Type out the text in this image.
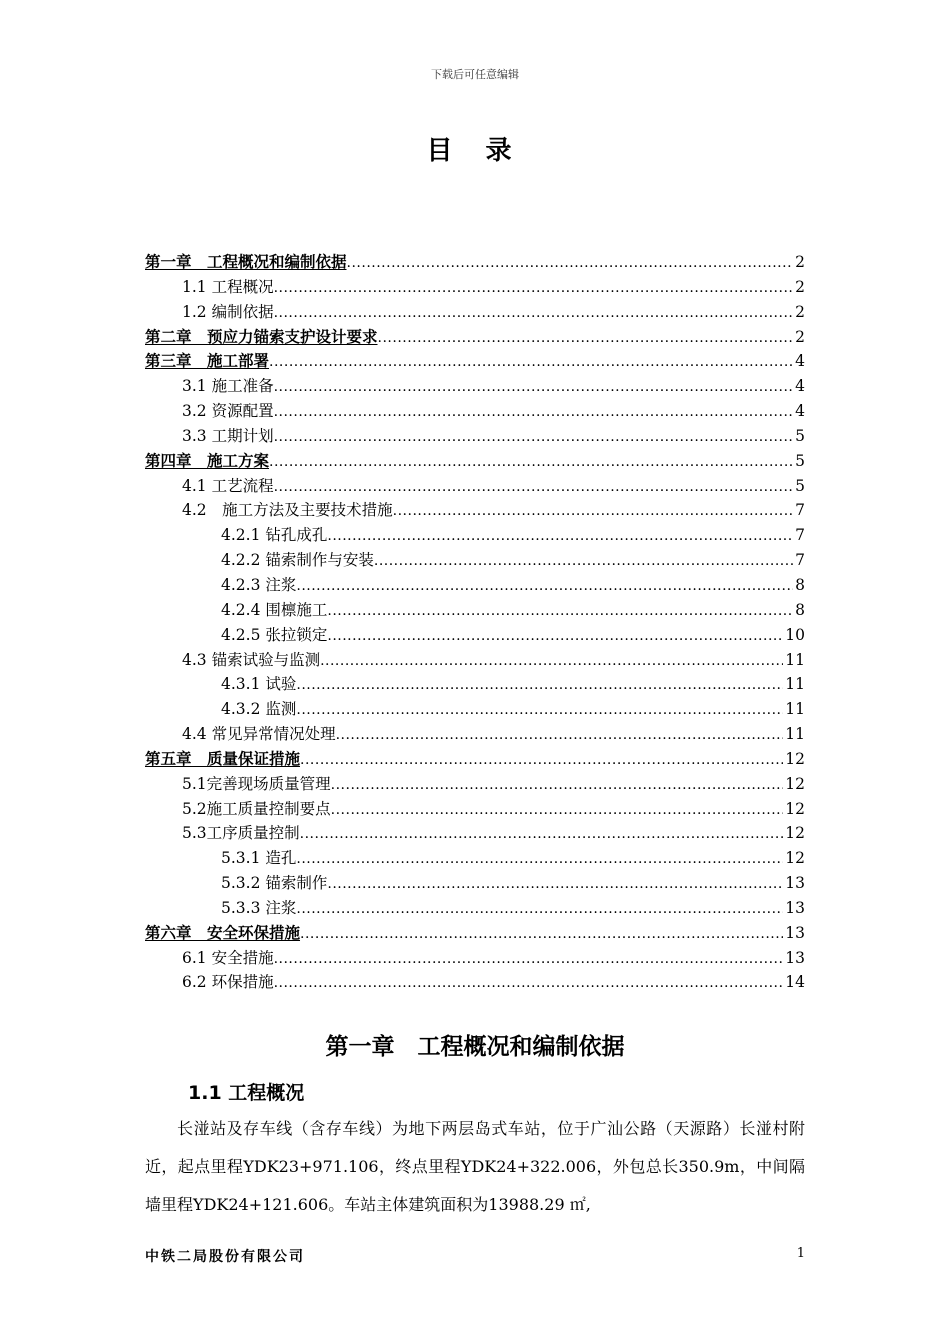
下载后可任意编辑
目 录
第一章　工程概况和编制依据 .....	2
1.1 工程概况 .....	2
1.2 编制依据 .....	2
第二章　预应力锚索支护设计要求 .....	2
第三章　施工部署 .....	4
3.1 施工准备 .....	4
3.2 资源配置 .....	4
3.3 工期计划 .....	5
第四章　施工方案 .....	5
4.1 工艺流程 .....	5
4.2　施工方法及主要技术措施 .....	7
4.2.1 钻孔成孔 .....	7
4.2.2 锚索制作与安装 .....	7
4.2.3 注浆 .....	8
4.2.4 围檩施工 .....	8
4.2.5 张拉锁定 .....	10
4.3 锚索试验与监测 .....	11
4.3.1 试验 .....	11
4.3.2 监测 .....	11
4.4 常见异常情况处理 .....	11
第五章　质量保证措施 .....	12
5.1完善现场质量管理 .....	12
5.2施工质量控制要点 .....	12
5.3工序质量控制 .....	12
5.3.1 造孔 .....	12
5.3.2 锚索制作 .....	13
5.3.3 注浆 .....	13
第六章　安全环保措施 .....	13
6.1 安全措施 .....	13
6.2 环保措施 .....	14
第一章　工程概况和编制依据
1.1 工程概况
长湴站及存车线（含存车线）为地下两层岛式车站，位于广汕公路（天源路）长湴村附近，起点里程YDK23+971.106，终点里程YDK24+322.006，外包总长350.9m，中间隔墙里程YDK24+121.606。车站主体建筑面积为13988.29 ㎡,
中铁二局股份有限公司	1
